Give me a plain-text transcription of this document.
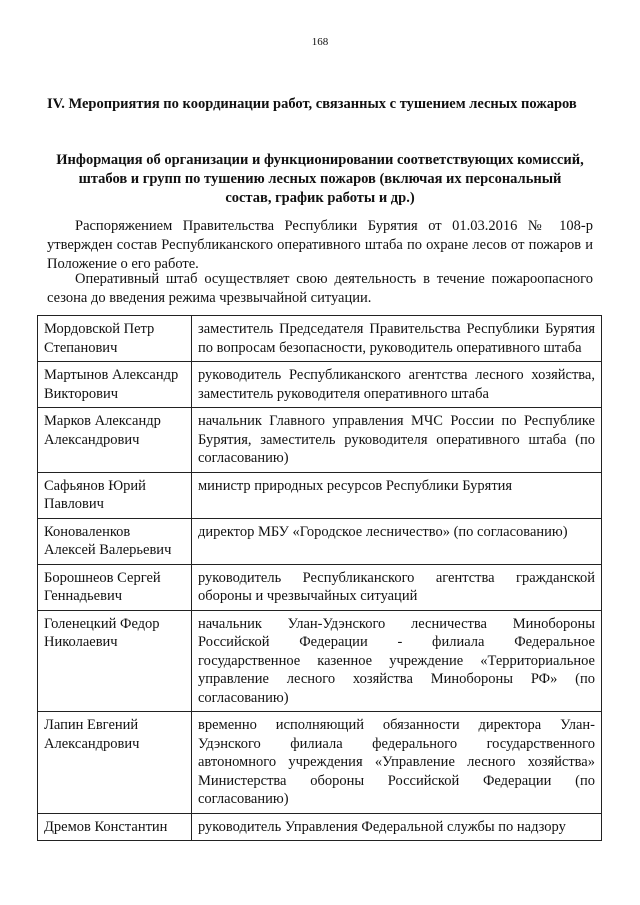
168

IV. Мероприятия по координации работ, связанных с тушением лесных пожаров

Информация об организации и функционировании соответствующих комиссий, штабов и групп по тушению лесных пожаров (включая их персональный состав, график работы и др.)

Распоряжением Правительства Республики Бурятия от 01.03.2016 № 108-р утвержден состав Республиканского оперативного штаба по охране лесов от пожаров и Положение о его работе.

Оперативный штаб осуществляет свою деятельность в течение пожароопасного сезона до введения режима чрезвычайной ситуации.

Мордовской Петр Степанович	заместитель Председателя Правительства Республики Бурятия по вопросам безопасности, руководитель оперативного штаба
Мартынов Александр Викторович	руководитель Республиканского агентства лесного хозяйства, заместитель руководителя оперативного штаба
Марков Александр Александрович	начальник Главного управления МЧС России по Республике Бурятия, заместитель руководителя оперативного штаба (по согласованию)
Сафьянов Юрий Павлович	министр природных ресурсов Республики Бурятия
Коноваленков Алексей Валерьевич	директор МБУ «Городское лесничество» (по согласованию)
Борошнеов Сергей Геннадьевич	руководитель Республиканского агентства гражданской обороны и чрезвычайных ситуаций
Голенецкий Федор Николаевич	начальник Улан-Удэнского лесничества Минобороны Российской Федерации - филиала Федеральное государственное казенное учреждение «Территориальное управление лесного хозяйства Минобороны РФ» (по согласованию)
Лапин Евгений Александрович	временно исполняющий обязанности директора Улан-Удэнского филиала федерального государственного автономного учреждения «Управление лесного хозяйства» Министерства обороны Российской Федерации (по согласованию)
Дремов Константин	руководитель Управления Федеральной службы по надзору
